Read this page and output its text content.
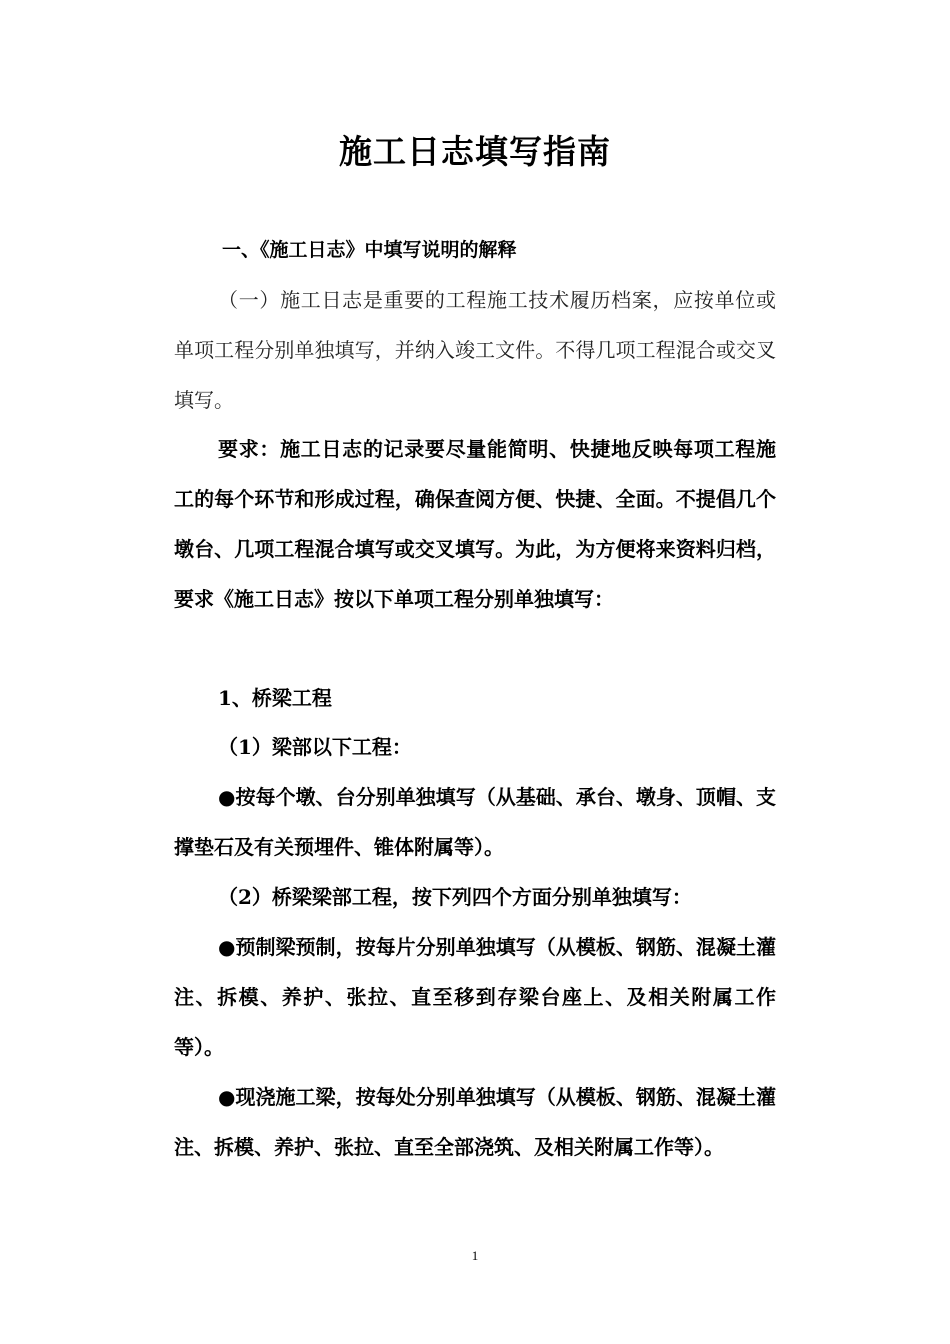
施工日志填写指南
一、《施工日志》中填写说明的解释

（一）施工日志是重要的工程施工技术履历档案，应按单位或单项工程分别单独填写，并纳入竣工文件。不得几项工程混合或交叉填写。

要求：施工日志的记录要尽量能简明、快捷地反映每项工程施工的每个环节和形成过程，确保查阅方便、快捷、全面。不提倡几个墩台、几项工程混合填写或交叉填写。为此，为方便将来资料归档，要求《施工日志》按以下单项工程分别单独填写：

1、桥梁工程

（1）梁部以下工程：

●按每个墩、台分别单独填写（从基础、承台、墩身、顶帽、支撑垫石及有关预埋件、锥体附属等）。

（2）桥梁梁部工程，按下列四个方面分别单独填写：

●预制梁预制，按每片分别单独填写（从模板、钢筋、混凝土灌注、拆模、养护、张拉、直至移到存梁台座上、及相关附属工作等）。

●现浇施工梁，按每处分别单独填写（从模板、钢筋、混凝土灌注、拆模、养护、张拉、直至全部浇筑、及相关附属工作等）。

1
